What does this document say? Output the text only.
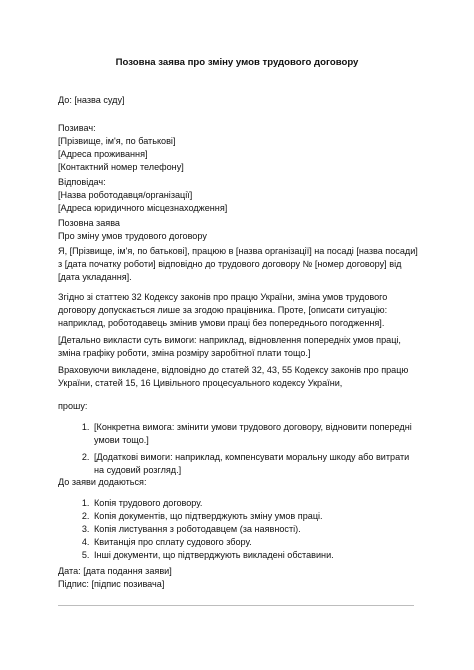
Позовна заява про зміну умов трудового договору
До: [назва суду]
Позивач:
[Прізвище, ім'я, по батькові]
[Адреса проживання]
[Контактний номер телефону]
Відповідач:
[Назва роботодавця/організації]
[Адреса юридичного місцезнаходження]
Позовна заява
Про зміну умов трудового договору
Я, [Прізвище, ім'я, по батькові], працюю в [назва організації] на посаді [назва посади] з [дата початку роботи] відповідно до трудового договору № [номер договору] від [дата укладання].
Згідно зі статтею 32 Кодексу законів про працю України, зміна умов трудового договору допускається лише за згодою працівника. Проте, [описати ситуацію: наприклад, роботодавець змінив умови праці без попереднього погодження].
[Детально викласти суть вимоги: наприклад, відновлення попередніх умов праці, зміна графіку роботи, зміна розміру заробітної плати тощо.]
Враховуючи викладене, відповідно до статей 32, 43, 55 Кодексу законів про працю України, статей 15, 16 Цивільного процесуального кодексу України,
прошу:
1. [Конкретна вимога: змінити умови трудового договору, відновити попередні умови тощо.]
2. [Додаткові вимоги: наприклад, компенсувати моральну шкоду або витрати на судовий розгляд.]
До заяви додаються:
1. Копія трудового договору.
2. Копія документів, що підтверджують зміну умов праці.
3. Копія листування з роботодавцем (за наявності).
4. Квитанція про сплату судового збору.
5. Інші документи, що підтверджують викладені обставини.
Дата: [дата подання заяви]
Підпис: [підпис позивача]
